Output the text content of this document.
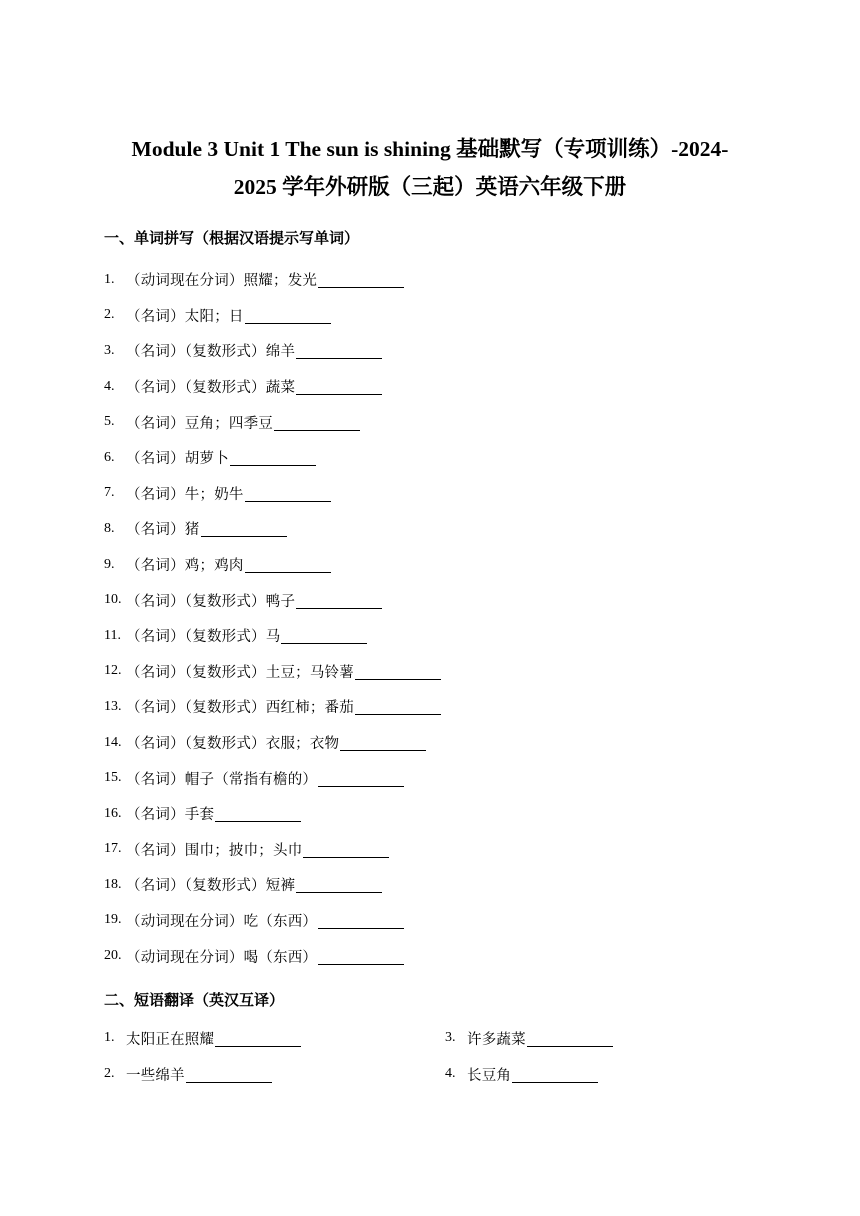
Module 3 Unit 1 The sun is shining 基础默写（专项训练）-2024-
2025 学年外研版（三起）英语六年级下册
一、单词拼写（根据汉语提示写单词）
1. （动词现在分词）照耀；发光
2. （名词）太阳；日
3. （名词）（复数形式）绵羊
4. （名词）（复数形式）蔬菜
5. （名词）豆角；四季豆
6. （名词）胡萝卜
7. （名词）牛；奶牛
8. （名词）猪
9. （名词）鸡；鸡肉
10. （名词）（复数形式）鸭子
11. （名词）（复数形式）马
12. （名词）（复数形式）土豆；马铃薯
13. （名词）（复数形式）西红柿；番茄
14. （名词）（复数形式）衣服；衣物
15. （名词）帽子（常指有檐的）
16. （名词）手套
17. （名词）围巾；披巾；头巾
18. （名词）（复数形式）短裤
19. （动词现在分词）吃（东西）
20. （动词现在分词）喝（东西）
二、短语翻译（英汉互译）
1. 太阳正在照耀
2. 一些绵羊
3. 许多蔬菜
4. 长豆角
